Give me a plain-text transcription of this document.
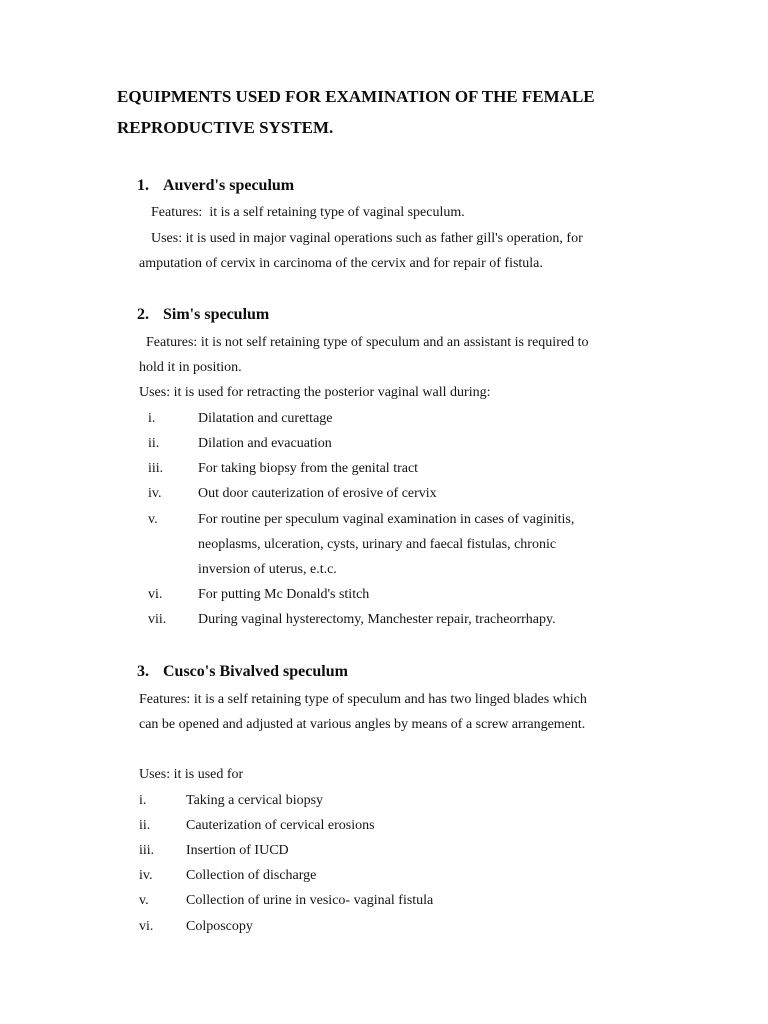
EQUIPMENTS USED FOR EXAMINATION OF THE FEMALE
REPRODUCTIVE SYSTEM.
1. Auverd's speculum
Features:  it is a self retaining type of vaginal speculum.
Uses: it is used in major vaginal operations such as father gill's operation, for
amputation of cervix in carcinoma of the cervix and for repair of fistula.
2. Sim's speculum
Features: it is not self retaining type of speculum and an assistant is required to
hold it in position.
Uses: it is used for retracting the posterior vaginal wall during:
i.	Dilatation and curettage
ii.	Dilation and evacuation
iii. For taking biopsy from the genital tract
iv.	Out door cauterization of erosive of cervix
v.	For routine per speculum vaginal examination in cases of vaginitis,
neoplasms, ulceration, cysts, urinary and faecal fistulas, chronic
inversion of uterus, e.t.c.
vi.	For putting Mc Donald's stitch
vii. During vaginal hysterectomy, Manchester repair, tracheorrhapy.
3. Cusco's Bivalved speculum
Features: it is a self retaining type of speculum and has two linged blades which
can be opened and adjusted at various angles by means of a screw arrangement.
Uses: it is used for
i.	Taking a cervical biopsy
ii.	Cauterization of cervical erosions
iii. Insertion of IUCD
iv. Collection of discharge
v.	Collection of urine in vesico- vaginal fistula
vi. Colposcopy
